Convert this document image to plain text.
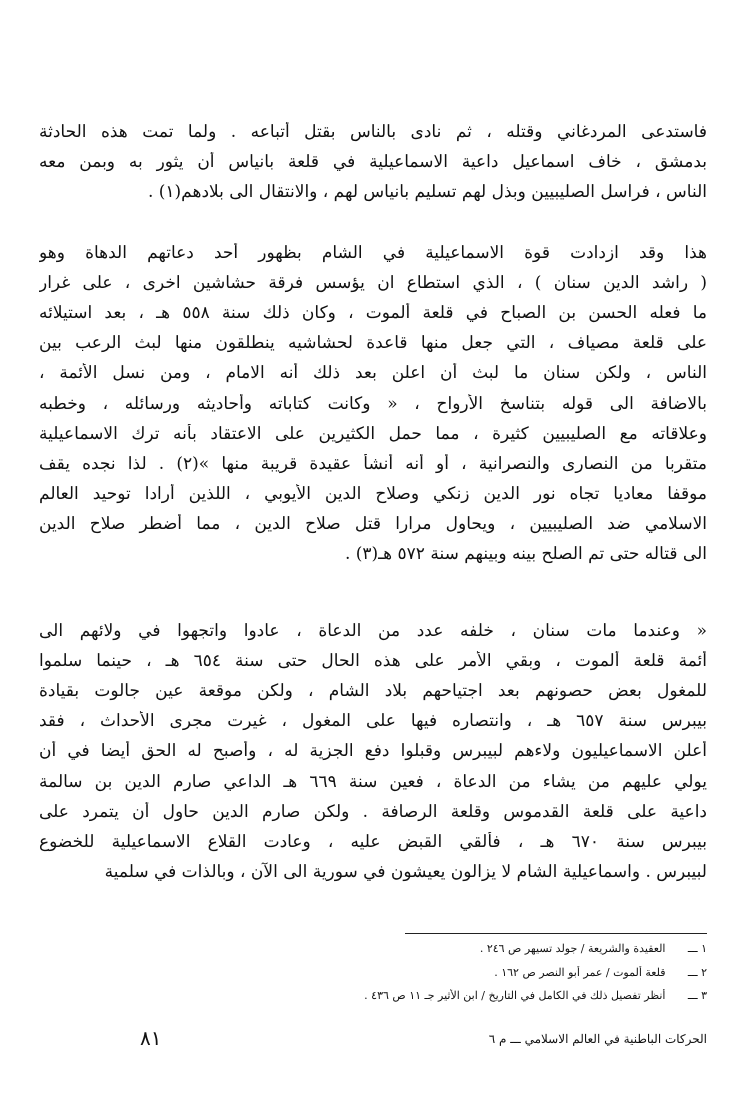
فاستدعى المردغاني وقتله ، ثم نادى بالناس بقتل أتباعه . ولما تمت هذه الحادثة
بدمشق ، خاف اسماعيل داعية الاسماعيلية في قلعة بانياس أن يثور به وبمن معه
الناس ، فراسل الصليبيين وبذل لهم تسليم بانياس لهم ، والانتقال الى بلادهم(١) .
هذا وقد ازدادت قوة الاسماعيلية في الشام بظهور أحد دعاتهم الدهاة وهو
( راشد الدين سنان ) ، الذي استطاع ان يؤسس فرقة حشاشين اخرى ، على غرار
ما فعله الحسن بن الصباح في قلعة ألموت ، وكان ذلك سنة ٥٥٨ هـ ، بعد استيلائه
على قلعة مصياف ، التي جعل منها قاعدة لحشاشيه ينطلقون منها لبث الرعب بين
الناس ، ولكن سنان ما لبث أن اعلن بعد ذلك أنه الامام ، ومن نسل الأئمة ،
بالاضافة الى قوله بتناسخ الأرواح ، « وكانت كتاباته وأحاديثه ورسائله ، وخطبه
وعلاقاته مع الصليبيين كثيرة ، مما حمل الكثيرين على الاعتقاد بأنه ترك الاسماعيلية
متقربا من النصارى والنصرانية ، أو أنه أنشأ عقيدة قريبة منها »(٢) . لذا نجده يقف
موقفا معاديا تجاه نور الدين زنكي وصلاح الدين الأيوبي ، اللذين أرادا توحيد العالم
الاسلامي ضد الصليبيين ، ويحاول مرارا قتل صلاح الدين ، مما أضطر صلاح الدين
الى قتاله حتى تم الصلح بينه وبينهم سنة ٥٧٢ هـ(٣) .
« وعندما مات سنان ، خلفه عدد من الدعاة ، عادوا واتجهوا في ولائهم الى
أئمة قلعة ألموت ، وبقي الأمر على هذه الحال حتى سنة ٦٥٤ هـ ، حينما سلموا
للمغول بعض حصونهم بعد اجتياحهم بلاد الشام ، ولكن موقعة عين جالوت بقيادة
بيبرس سنة ٦٥٧ هـ ، وانتصاره فيها على المغول ، غيرت مجرى الأحداث ، فقد
أعلن الاسماعيليون ولاءهم لبيبرس وقبلوا دفع الجزية له ، وأصبح له الحق أيضا في أن
يولي عليهم من يشاء من الدعاة ، فعين سنة ٦٦٩ هـ الداعي صارم الدين بن سالمة
داعية على قلعة القدموس وقلعة الرصافة . ولكن صارم الدين حاول أن يتمرد على
بيبرس سنة ٦٧٠ هـ ، فألقي القبض عليه ، وعادت القلاع الاسماعيلية للخضوع
لبيبرس . واسماعيلية الشام لا يزالون يعيشون في سورية الى الآن ، وبالذات في سلمية
١ ـــ العقيدة والشريعة / جولد تسيهر ص ٢٤٦ .
٢ ـــ قلعة ألموت / عمر أبو النصر ص ١٦٢ .
٣ ـــ أنظر تفصيل ذلك في الكامل في التاريخ / ابن الأثير جـ ١١ ص ٤٣٦ .
الحركات الباطنية في العالم الاسلامي ـــ م ٦
٨١
